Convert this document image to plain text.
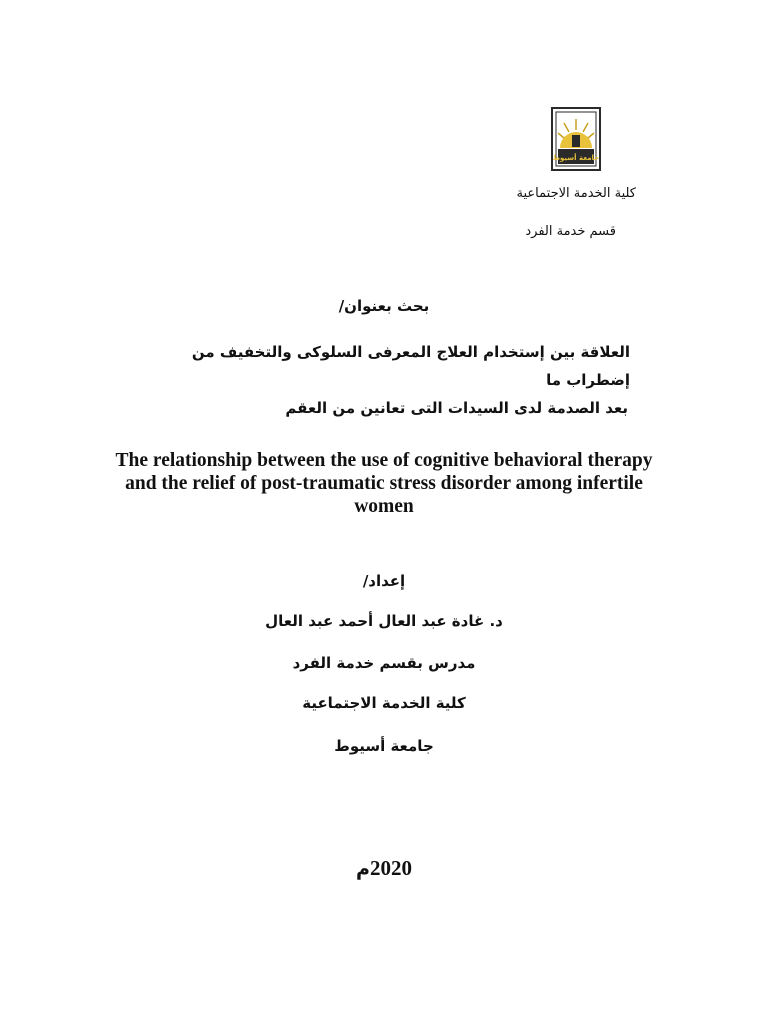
جامعة أسيوط
كلية الخدمة الاجتماعية
قسم خدمة الفرد
بحث بعنوان/
العلاقة بين إستخدام العلاج المعرفى السلوكى والتخفيف من إضطراب ما
بعد الصدمة لدى السيدات التى تعانين من العقم
The relationship between the use of cognitive behavioral therapy and the relief of post-traumatic stress disorder among infertile women
إعداد/
د. غادة عبد العال أحمد عبد العال
مدرس بقسم خدمة الفرد
كلية الخدمة الاجتماعية
جامعة أسيوط
2020م
